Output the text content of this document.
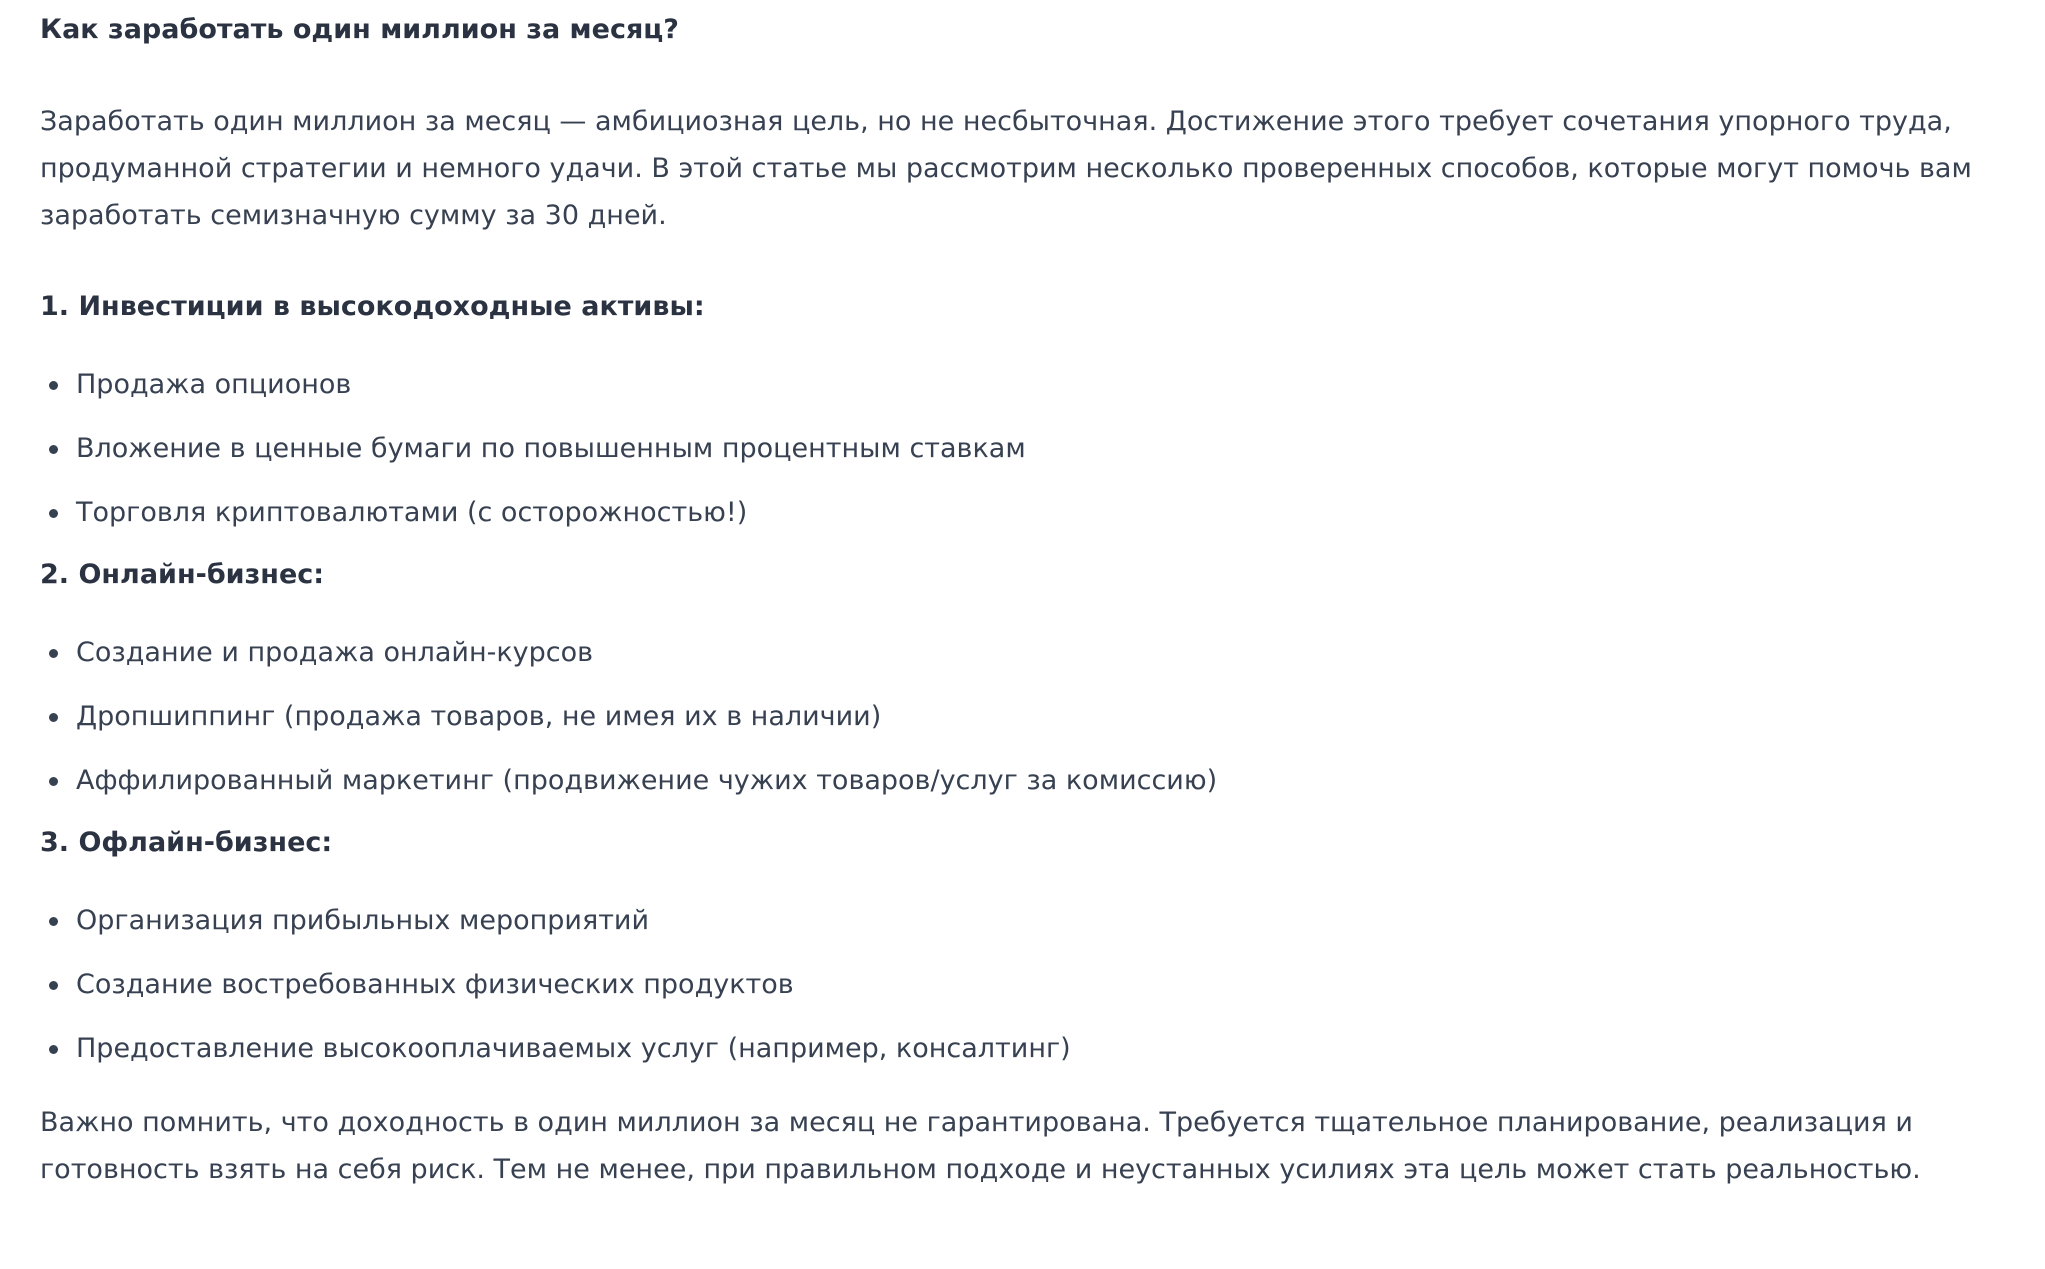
Как заработать один миллион за месяц?

Заработать один миллион за месяц — амбициозная цель, но не несбыточная. Достижение этого требует сочетания упорного труда, продуманной стратегии и немного удачи. В этой статье мы рассмотрим несколько проверенных способов, которые могут помочь вам заработать семизначную сумму за 30 дней.

1. Инвестиции в высокодоходные активы:
Продажа опционов
Вложение в ценные бумаги по повышенным процентным ставкам
Торговля криптовалютами (с осторожностью!)
2. Онлайн-бизнес:
Создание и продажа онлайн-курсов
Дропшиппинг (продажа товаров, не имея их в наличии)
Аффилированный маркетинг (продвижение чужих товаров/услуг за комиссию)
3. Офлайн-бизнес:
Организация прибыльных мероприятий
Создание востребованных физических продуктов
Предоставление высокооплачиваемых услуг (например, консалтинг)

Важно помнить, что доходность в один миллион за месяц не гарантирована. Требуется тщательное планирование, реализация и готовность взять на себя риск. Тем не менее, при правильном подходе и неустанных усилиях эта цель может стать реальностью.
